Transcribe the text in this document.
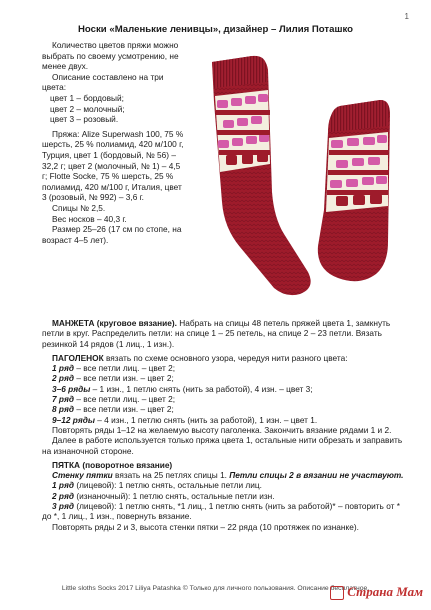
1
Носки «Маленькие ленивцы», дизайнер – Лилия Поташко

Количество цветов пряжи можно выбрать по своему усмотрению, не менее двух.

Описание составлено на три цвета:

цвет 1 – бордовый;

цвет 2 – молочный;

цвет 3 – розовый.

Пряжа: Alize Superwash 100, 75 % шерсть, 25 % полиамид, 420 м/100 г, Турция, цвет 1 (бордовый, № 56) – 32,2 г; цвет 2 (молочный, № 1) – 4,5 г; Flotte Socke, 75 % шерсть, 25 % полиамид, 420 м/100 г, Италия, цвет 3 (розовый, № 992) – 3,6 г.

Спицы № 2,5.

Вес носков – 40,3 г.

Размер 25–26 (17 см по стопе, на возраст 4–5 лет).

МАНЖЕТА (круговое вязание). Набрать на спицы 48 петель пряжей цвета 1, замкнуть петли в круг. Распределить петли: на спице 1 – 25 петель, на спице 2 – 23 петли. Вязать резинкой 14 рядов (1 лиц., 1 изн.).

ПАГОЛЕНОК вязать по схеме основного узора, чередуя нити разного цвета:

1 ряд – все петли лиц. – цвет 2;

2 ряд – все петли изн. – цвет 2;

3–6 ряды – 1 изн., 1 петлю снять (нить за работой), 4 изн. – цвет 3;

7 ряд – все петли лиц. – цвет 2;

8 ряд – все петли изн. – цвет 2;

9–12 ряды – 4 изн., 1 петлю снять (нить за работой), 1 изн. – цвет 1.

Повторять ряды 1–12 на желаемую высоту паголенка. Закончить вязание рядами 1 и 2.

Далее в работе используется только пряжа цвета 1, остальные нити обрезать и заправить на изнаночной стороне.

ПЯТКА (поворотное вязание)

Стенку пятки вязать на 25 петлях спицы 1. Петли спицы 2 в вязании не участвуют.

1 ряд (лицевой): 1 петлю снять, остальные петли лиц.

2 ряд (изнаночный): 1 петлю снять, остальные петли изн.

3 ряд (лицевой): 1 петлю снять, *1 лиц., 1 петлю снять (нить за работой)* – повторить от * до *, 1 лиц., 1 изн., повернуть вязание.

Повторять ряды 2 и 3, высота стенки пятки – 22 ряда (10 протяжек по изнанке).

Little sloths Socks 2017 Liliya Patashka © Только для личного пользования. Описание бесплатное.
Страна Мам
